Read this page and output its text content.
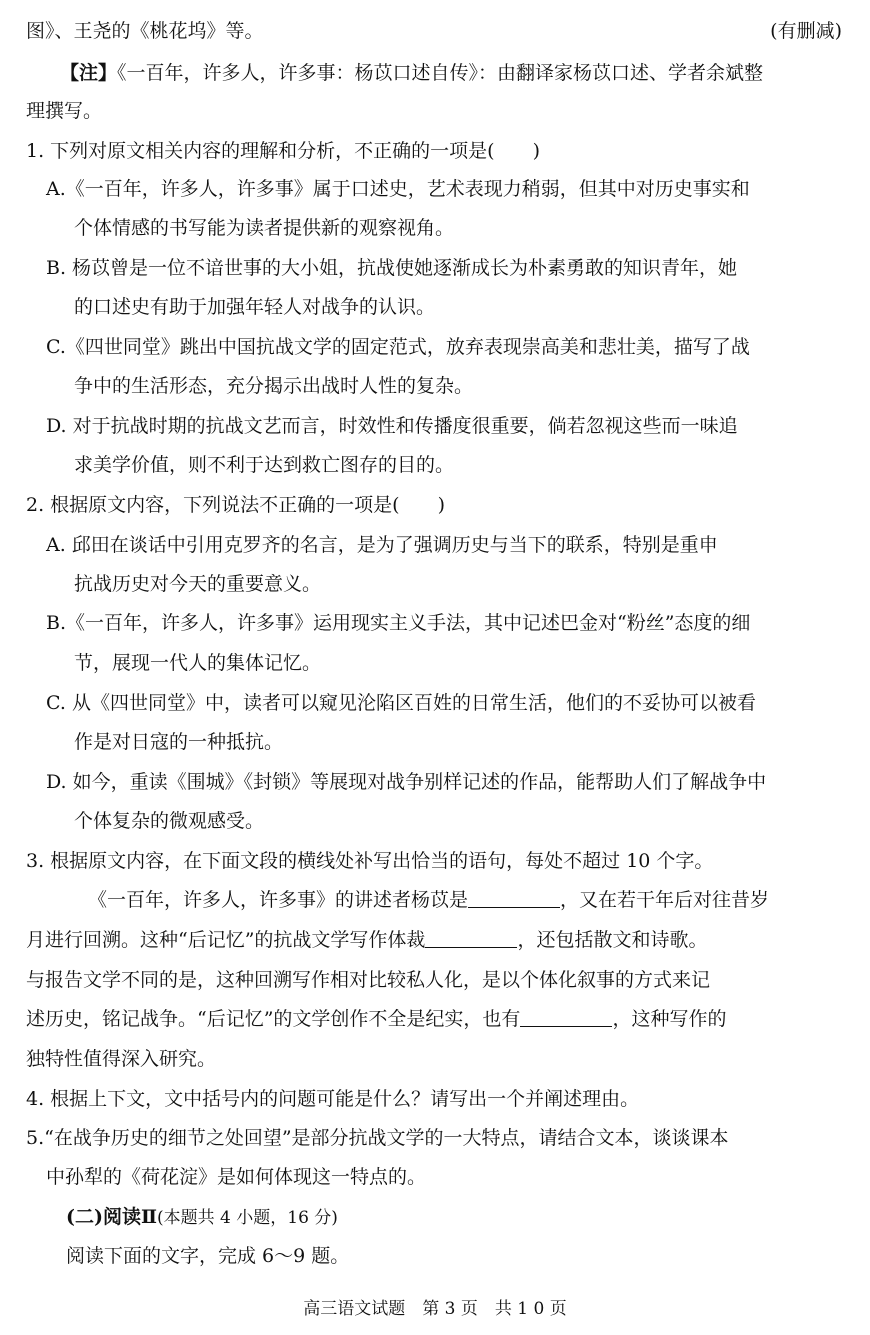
图》、王尧的《桃花坞》等。	(有删减)
【注】《一百年，许多人，许多事：杨苡口述自传》：由翻译家杨苡口述、学者余斌整
理撰写。
1. 下列对原文相关内容的理解和分析，不正确的一项是(　　)
A.《一百年，许多人，许多事》属于口述史，艺术表现力稍弱，但其中对历史事实和
个体情感的书写能为读者提供新的观察视角。
B. 杨苡曾是一位不谙世事的大小姐，抗战使她逐渐成长为朴素勇敢的知识青年，她
的口述史有助于加强年轻人对战争的认识。
C.《四世同堂》跳出中国抗战文学的固定范式，放弃表现崇高美和悲壮美，描写了战
争中的生活形态，充分揭示出战时人性的复杂。
D. 对于抗战时期的抗战文艺而言，时效性和传播度很重要，倘若忽视这些而一味追
求美学价值，则不利于达到救亡图存的目的。
2. 根据原文内容，下列说法不正确的一项是(　　)
A. 邱田在谈话中引用克罗齐的名言，是为了强调历史与当下的联系，特别是重申
抗战历史对今天的重要意义。
B.《一百年，许多人，许多事》运用现实主义手法，其中记述巴金对“粉丝”态度的细
节，展现一代人的集体记忆。
C. 从《四世同堂》中，读者可以窥见沦陷区百姓的日常生活，他们的不妥协可以被看
作是对日寇的一种抵抗。
D. 如今，重读《围城》《封锁》等展现对战争别样记述的作品，能帮助人们了解战争中
个体复杂的微观感受。
3. 根据原文内容，在下面文段的横线处补写出恰当的语句，每处不超过 10 个字。
《一百年，许多人，许多事》的讲述者杨苡是	，又在若干年后对往昔岁
月进行回溯。这种“后记忆”的抗战文学写作体裁	，还包括散文和诗歌。
与报告文学不同的是，这种回溯写作相对比较私人化，是以个体化叙事的方式来记
述历史，铭记战争。“后记忆”的文学创作不全是纪实，也有	，这种写作的
独特性值得深入研究。
4. 根据上下文，文中括号内的问题可能是什么？请写出一个并阐述理由。
5.“在战争历史的细节之处回望”是部分抗战文学的一大特点，请结合文本，谈谈课本
中孙犁的《荷花淀》是如何体现这一特点的。
(二)阅读Ⅱ(本题共 4 小题，16 分)
阅读下面的文字，完成 6～9 题。
高三语文试题　第 3 页　共 1 0 页
